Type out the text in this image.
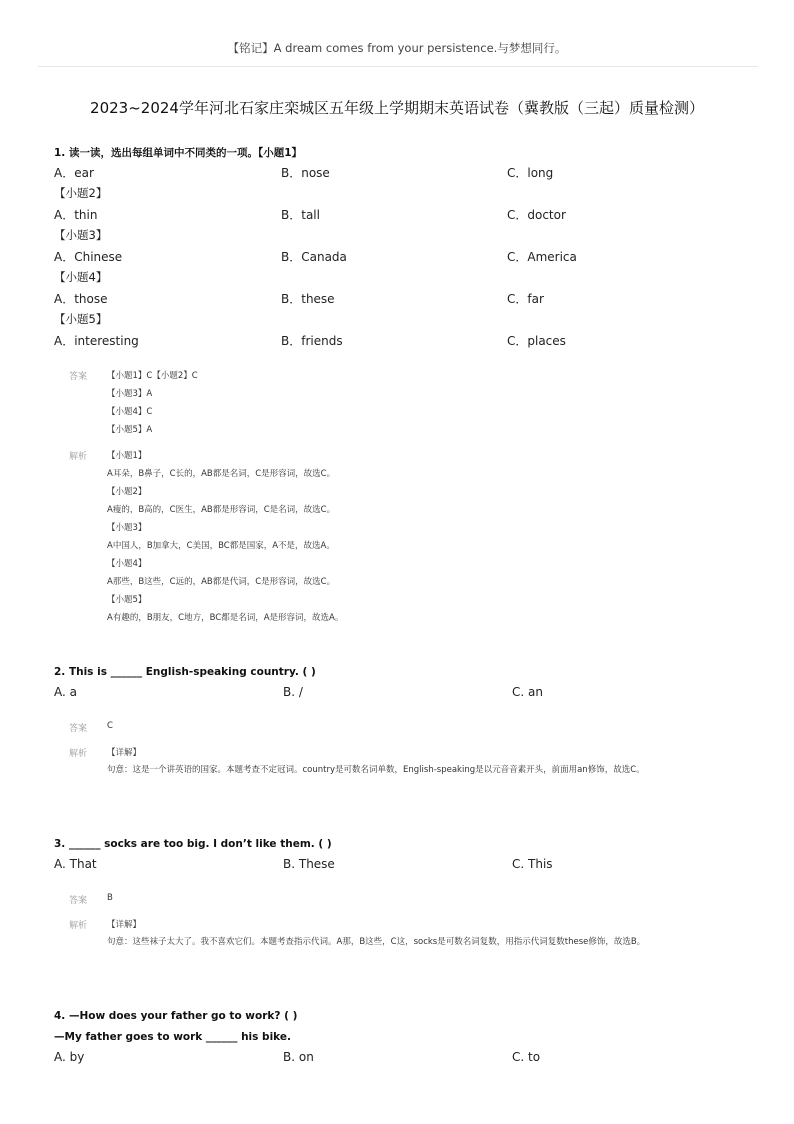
【铭记】A dream comes from your persistence.与梦想同行。
2023~2024学年河北石家庄栾城区五年级上学期期末英语试卷（冀教版（三起）质量检测）
1. 读一读，选出每组单词中不同类的一项。【小题1】
A．ear	B．nose	C．long
【小题2】
A．thin	B．tall	C．doctor
【小题3】
A．Chinese	B．Canada	C．America
【小题4】
A．those	B．these	C．far
【小题5】
A．interesting	B．friends	C．places
答案 【小题1】C【小题2】C
【小题3】A
【小题4】C
【小题5】A
解析 【小题1】
A耳朵，B鼻子，C长的，AB都是名词，C是形容词，故选C。
【小题2】
A瘦的，B高的，C医生，AB都是形容词，C是名词，故选C。
【小题3】
A中国人，B加拿大，C美国，BC都是国家，A不是，故选A。
【小题4】
A那些，B这些，C远的，AB都是代词，C是形容词，故选C。
【小题5】
A有趣的，B朋友，C地方，BC都是名词，A是形容词，故选A。
2. This is ______ English-speaking country. ( )
A. a	B. /	C. an
答案 C
解析 【详解】
句意：这是一个讲英语的国家。本题考查不定冠词。country是可数名词单数，English-speaking是以元音音素开头，前面用an修饰，故选C。
3. ______ socks are too big. I don’t like them. ( )
A. That	B. These	C. This
答案 B
解析 【详解】
句意：这些袜子太大了。我不喜欢它们。本题考查指示代词。A那，B这些，C这，socks是可数名词复数，用指示代词复数these修饰，故选B。
4. —How does your father go to work? ( )
—My father goes to work ______ his bike.
A. by	B. on	C. to
